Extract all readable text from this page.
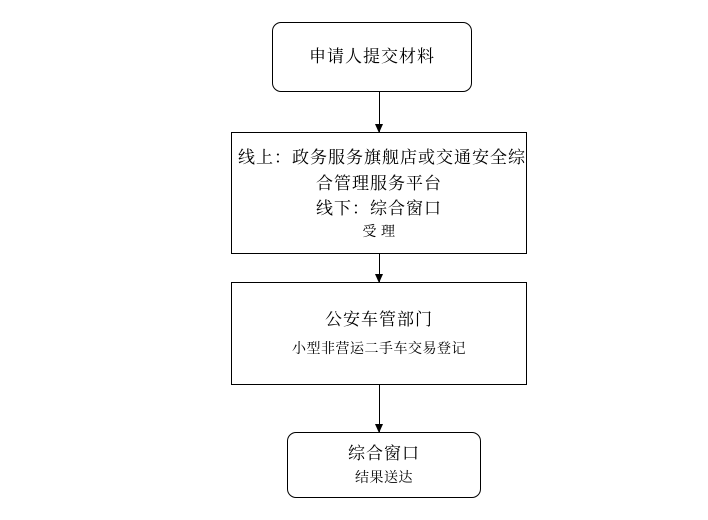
申请人提交材料
线上：政务服务旗舰店或交通安全综
合管理服务平台
线下：综合窗口
受 理
公安车管部门
小型非营运二手车交易登记
综合窗口
结果送达
